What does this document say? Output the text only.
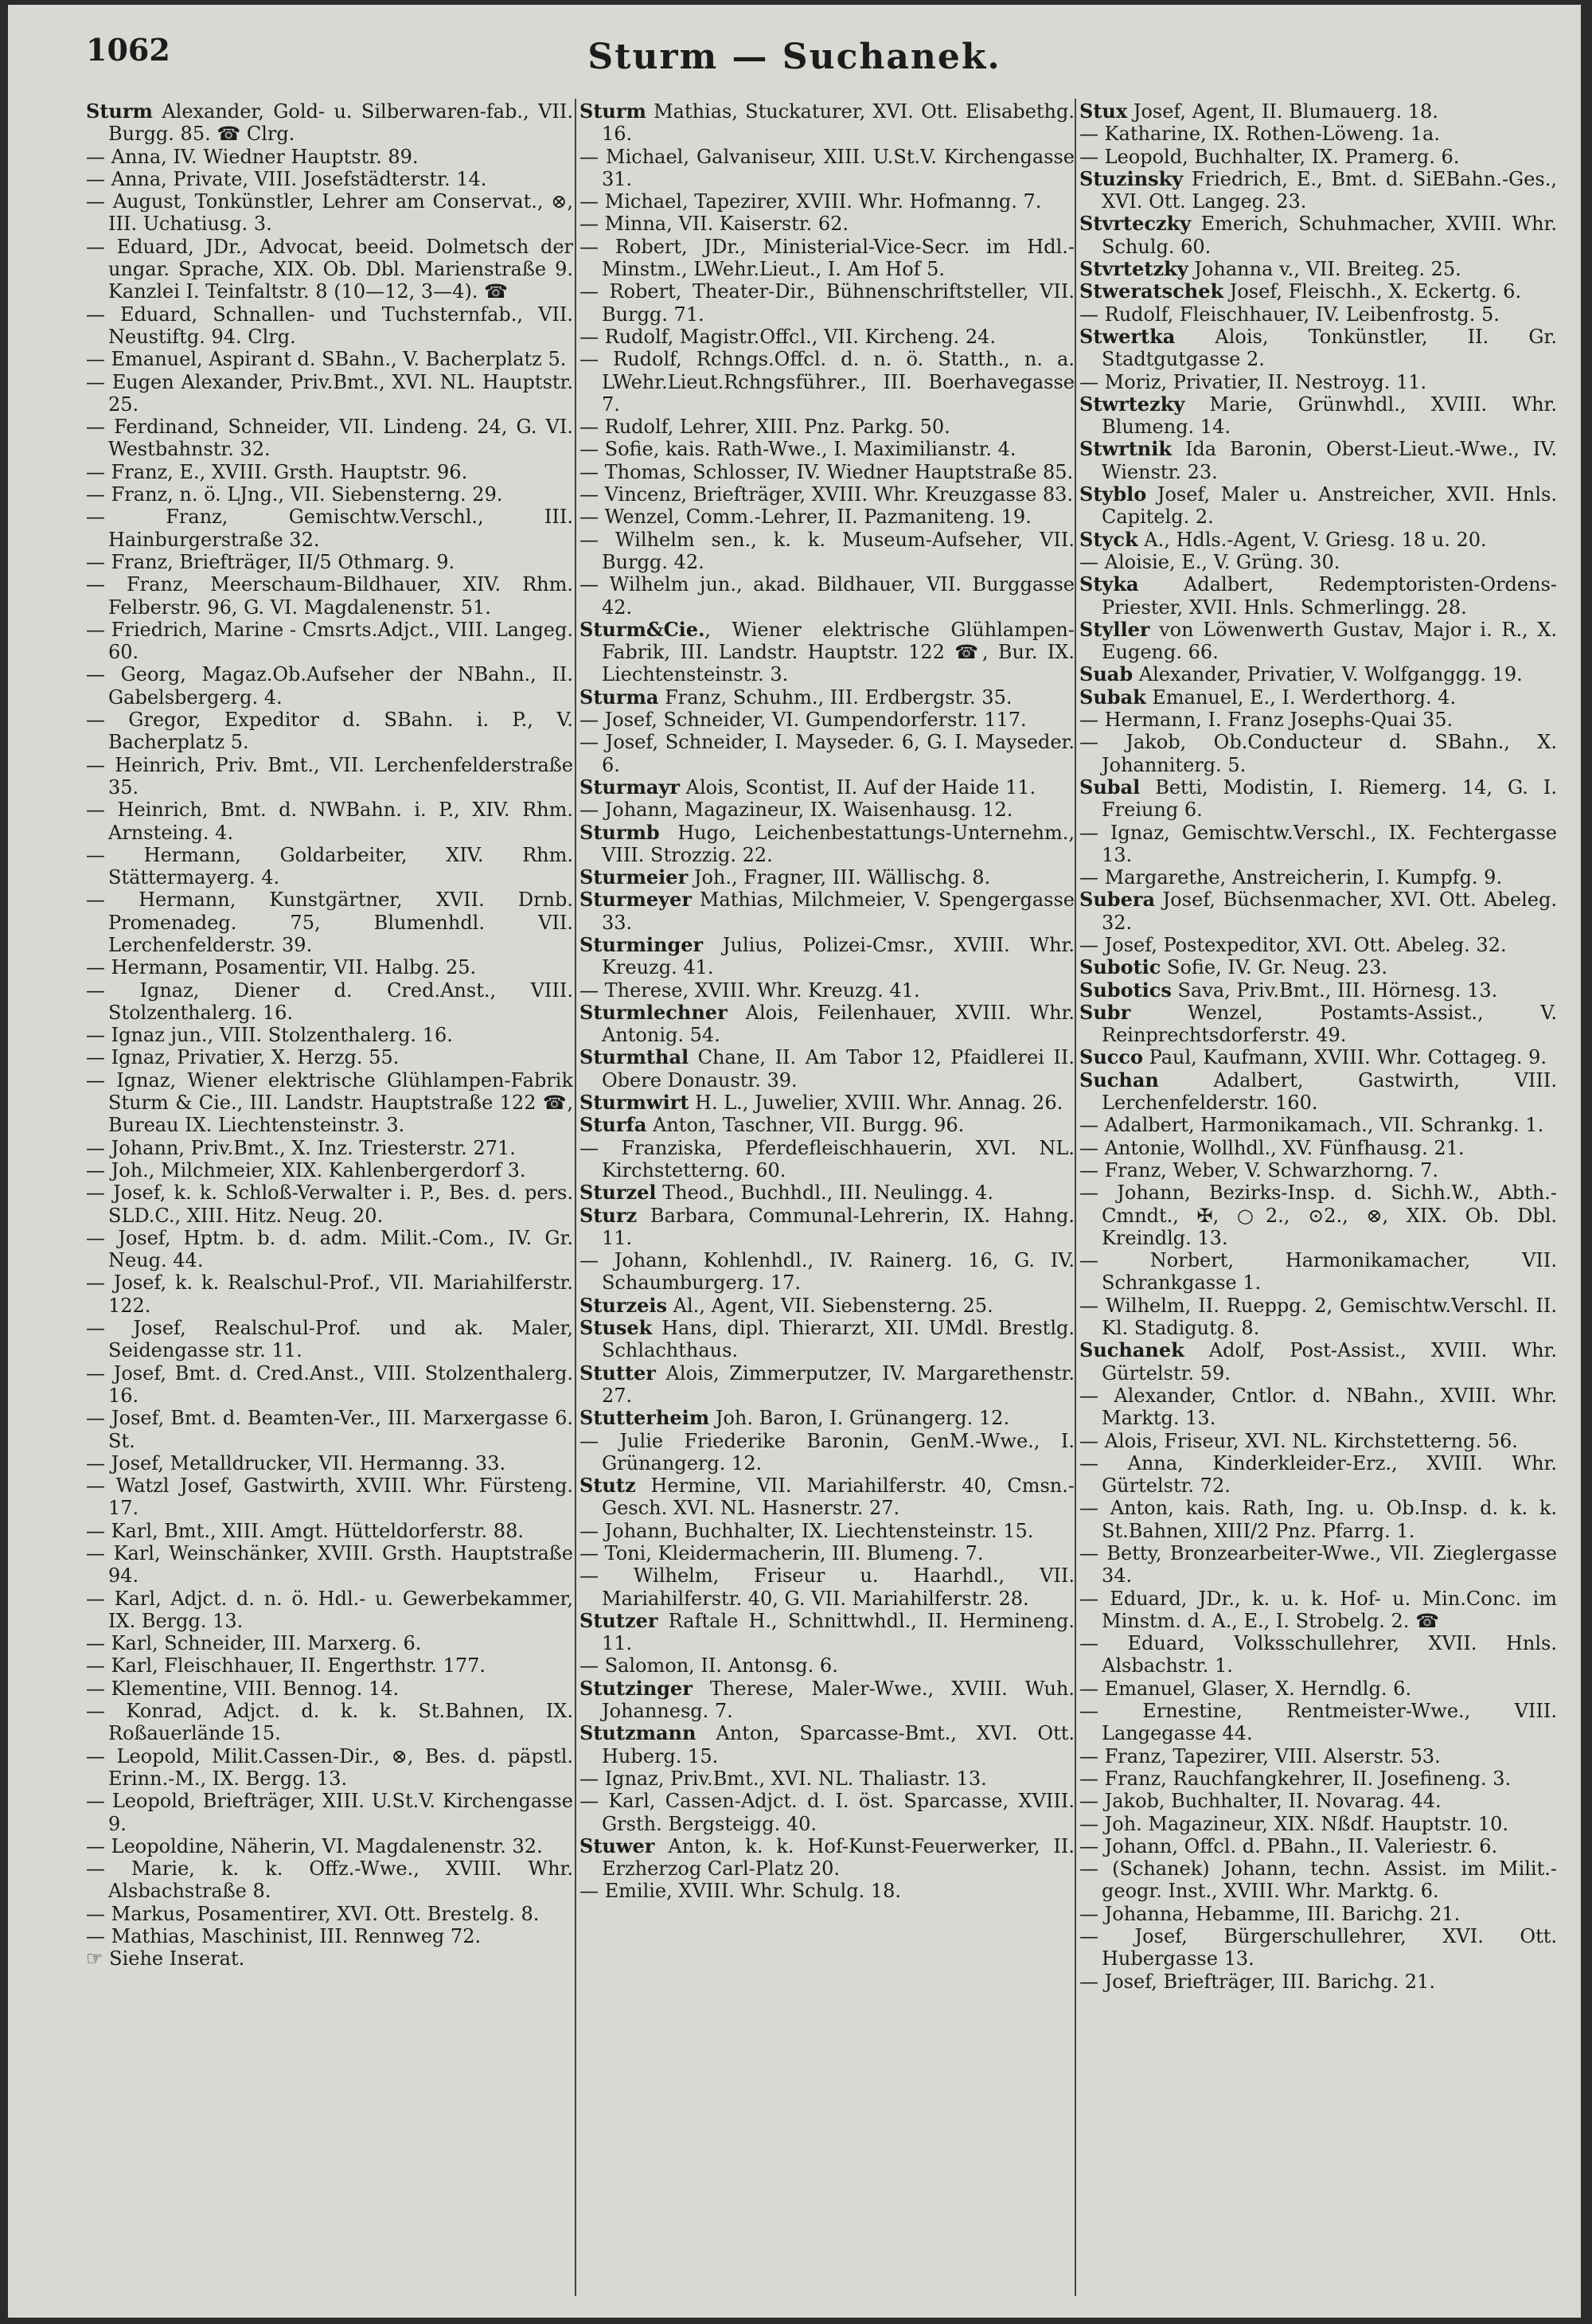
1062	Sturm — Suchanek.

Sturm Alexander, Gold- u. Silberwaren-fab., VII. Burgg. 85. ☎ Clrg.

— Anna, IV. Wiedner Hauptstr. 89.

— Anna, Private, VIII. Josefstädterstr. 14.

— August, Tonkünstler, Lehrer am Conservat., ⊗, III. Uchatiusg. 3.

— Eduard, JDr., Advocat, beeid. Dolmetsch der ungar. Sprache, XIX. Ob. Dbl. Marienstraße 9. Kanzlei I. Teinfaltstr. 8 (10—12, 3—4). ☎

— Eduard, Schnallen- und Tuchsternfab., VII. Neustiftg. 94. Clrg.

— Emanuel, Aspirant d. SBahn., V. Bacherplatz 5.

— Eugen Alexander, Priv.Bmt., XVI. NL. Hauptstr. 25.

— Ferdinand, Schneider, VII. Lindeng. 24, G. VI. Westbahnstr. 32.

— Franz, E., XVIII. Grsth. Hauptstr. 96.

— Franz, n. ö. LJng., VII. Siebensterng. 29.

— Franz, Gemischtw.Verschl., III. Hainburgerstraße 32.

— Franz, Briefträger, II/5 Othmarg. 9.

— Franz, Meerschaum-Bildhauer, XIV. Rhm. Felberstr. 96, G. VI. Magdalenenstr. 51.

— Friedrich, Marine - Cmsrts.Adjct., VIII. Langeg. 60.

— Georg, Magaz.Ob.Aufseher der NBahn., II. Gabelsbergerg. 4.

— Gregor, Expeditor d. SBahn. i. P., V. Bacherplatz 5.

— Heinrich, Priv. Bmt., VII. Lerchenfelderstraße 35.

— Heinrich, Bmt. d. NWBahn. i. P., XIV. Rhm. Arnsteing. 4.

— Hermann, Goldarbeiter, XIV. Rhm. Stättermayerg. 4.

— Hermann, Kunstgärtner, XVII. Drnb. Promenadeg. 75, Blumenhdl. VII. Lerchenfelderstr. 39.

— Hermann, Posamentir, VII. Halbg. 25.

— Ignaz, Diener d. Cred.Anst., VIII. Stolzenthalerg. 16.

— Ignaz jun., VIII. Stolzenthalerg. 16.

— Ignaz, Privatier, X. Herzg. 55.

— Ignaz, Wiener elektrische Glühlampen-Fabrik Sturm & Cie., III. Landstr. Hauptstraße 122 ☎, Bureau IX. Liechtensteinstr. 3.

— Johann, Priv.Bmt., X. Inz. Triesterstr. 271.

— Joh., Milchmeier, XIX. Kahlenbergerdorf 3.

— Josef, k. k. Schloß-Verwalter i. P., Bes. d. pers. SLD.C., XIII. Hitz. Neug. 20.

— Josef, Hptm. b. d. adm. Milit.-Com., IV. Gr. Neug. 44.

— Josef, k. k. Realschul-Prof., VII. Mariahilferstr. 122.

— Josef, Realschul-Prof. und ak. Maler, Seidengasse str. 11.

— Josef, Bmt. d. Cred.Anst., VIII. Stolzenthalerg. 16.

— Josef, Bmt. d. Beamten-Ver., III. Marxergasse 6. St.

— Josef, Metalldrucker, VII. Hermanng. 33.

— Watzl Josef, Gastwirth, XVIII. Whr. Fürsteng. 17.

— Karl, Bmt., XIII. Amgt. Hütteldorferstr. 88.

— Karl, Weinschänker, XVIII. Grsth. Hauptstraße 94.

— Karl, Adjct. d. n. ö. Hdl.- u. Gewerbekammer, IX. Bergg. 13.

— Karl, Schneider, III. Marxerg. 6.

— Karl, Fleischhauer, II. Engerthstr. 177.

— Klementine, VIII. Bennog. 14.

— Konrad, Adjct. d. k. k. St.Bahnen, IX. Roßauerlände 15.

— Leopold, Milit.Cassen-Dir., ⊗, Bes. d. päpstl. Erinn.-M., IX. Bergg. 13.

— Leopold, Briefträger, XIII. U.St.V. Kirchengasse 9.

— Leopoldine, Näherin, VI. Magdalenenstr. 32.

— Marie, k. k. Offz.-Wwe., XVIII. Whr. Alsbachstraße 8.

— Markus, Posamentirer, XVI. Ott. Brestelg. 8.

— Mathias, Maschinist, III. Rennweg 72.

☞ Siehe Inserat.

Sturm Mathias, Stuckaturer, XVI. Ott. Elisabethg. 16.

— Michael, Galvaniseur, XIII. U.St.V. Kirchengasse 31.

— Michael, Tapezirer, XVIII. Whr. Hofmanng. 7.

— Minna, VII. Kaiserstr. 62.

— Robert, JDr., Ministerial-Vice-Secr. im Hdl.-Minstm., LWehr.Lieut., I. Am Hof 5.

— Robert, Theater-Dir., Bühnenschriftsteller, VII. Burgg. 71.

— Rudolf, Magistr.Offcl., VII. Kircheng. 24.

— Rudolf, Rchngs.Offcl. d. n. ö. Statth., n. a. LWehr.Lieut.Rchngsführer., III. Boerhavegasse 7.

— Rudolf, Lehrer, XIII. Pnz. Parkg. 50.

— Sofie, kais. Rath-Wwe., I. Maximilianstr. 4.

— Thomas, Schlosser, IV. Wiedner Hauptstraße 85.

— Vincenz, Briefträger, XVIII. Whr. Kreuzgasse 83.

— Wenzel, Comm.-Lehrer, II. Pazmaniteng. 19.

— Wilhelm sen., k. k. Museum-Aufseher, VII. Burgg. 42.

— Wilhelm jun., akad. Bildhauer, VII. Burggasse 42.

Sturm&Cie., Wiener elektrische Glühlampen-Fabrik, III. Landstr. Hauptstr. 122 ☎, Bur. IX. Liechtensteinstr. 3.

Sturma Franz, Schuhm., III. Erdbergstr. 35.

— Josef, Schneider, VI. Gumpendorferstr. 117.

— Josef, Schneider, I. Mayseder. 6, G. I. Mayseder. 6.

Sturmayr Alois, Scontist, II. Auf der Haide 11.

— Johann, Magazineur, IX. Waisenhausg. 12.

Sturmb Hugo, Leichenbestattungs-Unternehm., VIII. Strozzig. 22.

Sturmeier Joh., Fragner, III. Wällischg. 8.

Sturmeyer Mathias, Milchmeier, V. Spengergasse 33.

Sturminger Julius, Polizei-Cmsr., XVIII. Whr. Kreuzg. 41.

— Therese, XVIII. Whr. Kreuzg. 41.

Sturmlechner Alois, Feilenhauer, XVIII. Whr. Antonig. 54.

Sturmthal Chane, II. Am Tabor 12, Pfaidlerei II. Obere Donaustr. 39.

Sturmwirt H. L., Juwelier, XVIII. Whr. Annag. 26.

Sturfa Anton, Taschner, VII. Burgg. 96.

— Franziska, Pferdefleischhauerin, XVI. NL. Kirchstetterng. 60.

Sturzel Theod., Buchhdl., III. Neulingg. 4.

Sturz Barbara, Communal-Lehrerin, IX. Hahng. 11.

— Johann, Kohlenhdl., IV. Rainerg. 16, G. IV. Schaumburgerg. 17.

Sturzeis Al., Agent, VII. Siebensterng. 25.

Stusek Hans, dipl. Thierarzt, XII. UMdl. Brestlg. Schlachthaus.

Stutter Alois, Zimmerputzer, IV. Margarethenstr. 27.

Stutterheim Joh. Baron, I. Grünangerg. 12.

— Julie Friederike Baronin, GenM.-Wwe., I. Grünangerg. 12.

Stutz Hermine, VII. Mariahilferstr. 40, Cmsn.-Gesch. XVI. NL. Hasnerstr. 27.

— Johann, Buchhalter, IX. Liechtensteinstr. 15.

— Toni, Kleidermacherin, III. Blumeng. 7.

— Wilhelm, Friseur u. Haarhdl., VII. Mariahilferstr. 40, G. VII. Mariahilferstr. 28.

Stutzer Raftale H., Schnittwhdl., II. Hermineng. 11.

— Salomon, II. Antonsg. 6.

Stutzinger Therese, Maler-Wwe., XVIII. Wuh. Johannesg. 7.

Stutzmann Anton, Sparcasse-Bmt., XVI. Ott. Huberg. 15.

— Ignaz, Priv.Bmt., XVI. NL. Thaliastr. 13.

— Karl, Cassen-Adjct. d. I. öst. Sparcasse, XVIII. Grsth. Bergsteigg. 40.

Stuwer Anton, k. k. Hof-Kunst-Feuerwerker, II. Erzherzog Carl-Platz 20.

— Emilie, XVIII. Whr. Schulg. 18.

Stux Josef, Agent, II. Blumauerg. 18.

— Katharine, IX. Rothen-Löweng. 1a.

— Leopold, Buchhalter, IX. Pramerg. 6.

Stuzinsky Friedrich, E., Bmt. d. SiEBahn.-Ges., XVI. Ott. Langeg. 23.

Stvrteczky Emerich, Schuhmacher, XVIII. Whr. Schulg. 60.

Stvrtetzky Johanna v., VII. Breiteg. 25.

Stweratschek Josef, Fleischh., X. Eckertg. 6.

— Rudolf, Fleischhauer, IV. Leibenfrostg. 5.

Stwertka Alois, Tonkünstler, II. Gr. Stadtgutgasse 2.

— Moriz, Privatier, II. Nestroyg. 11.

Stwrtezky Marie, Grünwhdl., XVIII. Whr. Blumeng. 14.

Stwrtnik Ida Baronin, Oberst-Lieut.-Wwe., IV. Wienstr. 23.

Styblo Josef, Maler u. Anstreicher, XVII. Hnls. Capitelg. 2.

Styck A., Hdls.-Agent, V. Griesg. 18 u. 20.

— Aloisie, E., V. Grüng. 30.

Styka Adalbert, Redemptoristen-Ordens-Priester, XVII. Hnls. Schmerlingg. 28.

Styller von Löwenwerth Gustav, Major i. R., X. Eugeng. 66.

Suab Alexander, Privatier, V. Wolfganggg. 19.

Subak Emanuel, E., I. Werderthorg. 4.

— Hermann, I. Franz Josephs-Quai 35.

— Jakob, Ob.Conducteur d. SBahn., X. Johanniterg. 5.

Subal Betti, Modistin, I. Riemerg. 14, G. I. Freiung 6.

— Ignaz, Gemischtw.Verschl., IX. Fechtergasse 13.

— Margarethe, Anstreicherin, I. Kumpfg. 9.

Subera Josef, Büchsenmacher, XVI. Ott. Abeleg. 32.

— Josef, Postexpeditor, XVI. Ott. Abeleg. 32.

Subotic Sofie, IV. Gr. Neug. 23.

Subotics Sava, Priv.Bmt., III. Hörnesg. 13.

Subr Wenzel, Postamts-Assist., V. Reinprechtsdorferstr. 49.

Succo Paul, Kaufmann, XVIII. Whr. Cottageg. 9.

Suchan Adalbert, Gastwirth, VIII. Lerchenfelderstr. 160.

— Adalbert, Harmonikamach., VII. Schrankg. 1.

— Antonie, Wollhdl., XV. Fünfhausg. 21.

— Franz, Weber, V. Schwarzhorng. 7.

— Johann, Bezirks-Insp. d. Sichh.W., Abth.-Cmndt., ✠, ○2., ⊙2., ⊗, XIX. Ob. Dbl. Kreindlg. 13.

— Norbert, Harmonikamacher, VII. Schrankgasse 1.

— Wilhelm, II. Rueppg. 2, Gemischtw.Verschl. II. Kl. Stadigutg. 8.

Suchanek Adolf, Post-Assist., XVIII. Whr. Gürtelstr. 59.

— Alexander, Cntlor. d. NBahn., XVIII. Whr. Marktg. 13.

— Alois, Friseur, XVI. NL. Kirchstetterng. 56.

— Anna, Kinderkleider-Erz., XVIII. Whr. Gürtelstr. 72.

— Anton, kais. Rath, Ing. u. Ob.Insp. d. k. k. St.Bahnen, XIII/2 Pnz. Pfarrg. 1.

— Betty, Bronzearbeiter-Wwe., VII. Zieglergasse 34.

— Eduard, JDr., k. u. k. Hof- u. Min.Conc. im Minstm. d. A., E., I. Strobelg. 2. ☎

— Eduard, Volksschullehrer, XVII. Hnls. Alsbachstr. 1.

— Emanuel, Glaser, X. Herndlg. 6.

— Ernestine, Rentmeister-Wwe., VIII. Langegasse 44.

— Franz, Tapezirer, VIII. Alserstr. 53.

— Franz, Rauchfangkehrer, II. Josefineng. 3.

— Jakob, Buchhalter, II. Novarag. 44.

— Joh. Magazineur, XIX. Nßdf. Hauptstr. 10.

— Johann, Offcl. d. PBahn., II. Valeriestr. 6.

— (Schanek) Johann, techn. Assist. im Milit.-geogr. Inst., XVIII. Whr. Marktg. 6.

— Johanna, Hebamme, III. Barichg. 21.

— Josef, Bürgerschullehrer, XVI. Ott. Hubergasse 13.

— Josef, Briefträger, III. Barichg. 21.
